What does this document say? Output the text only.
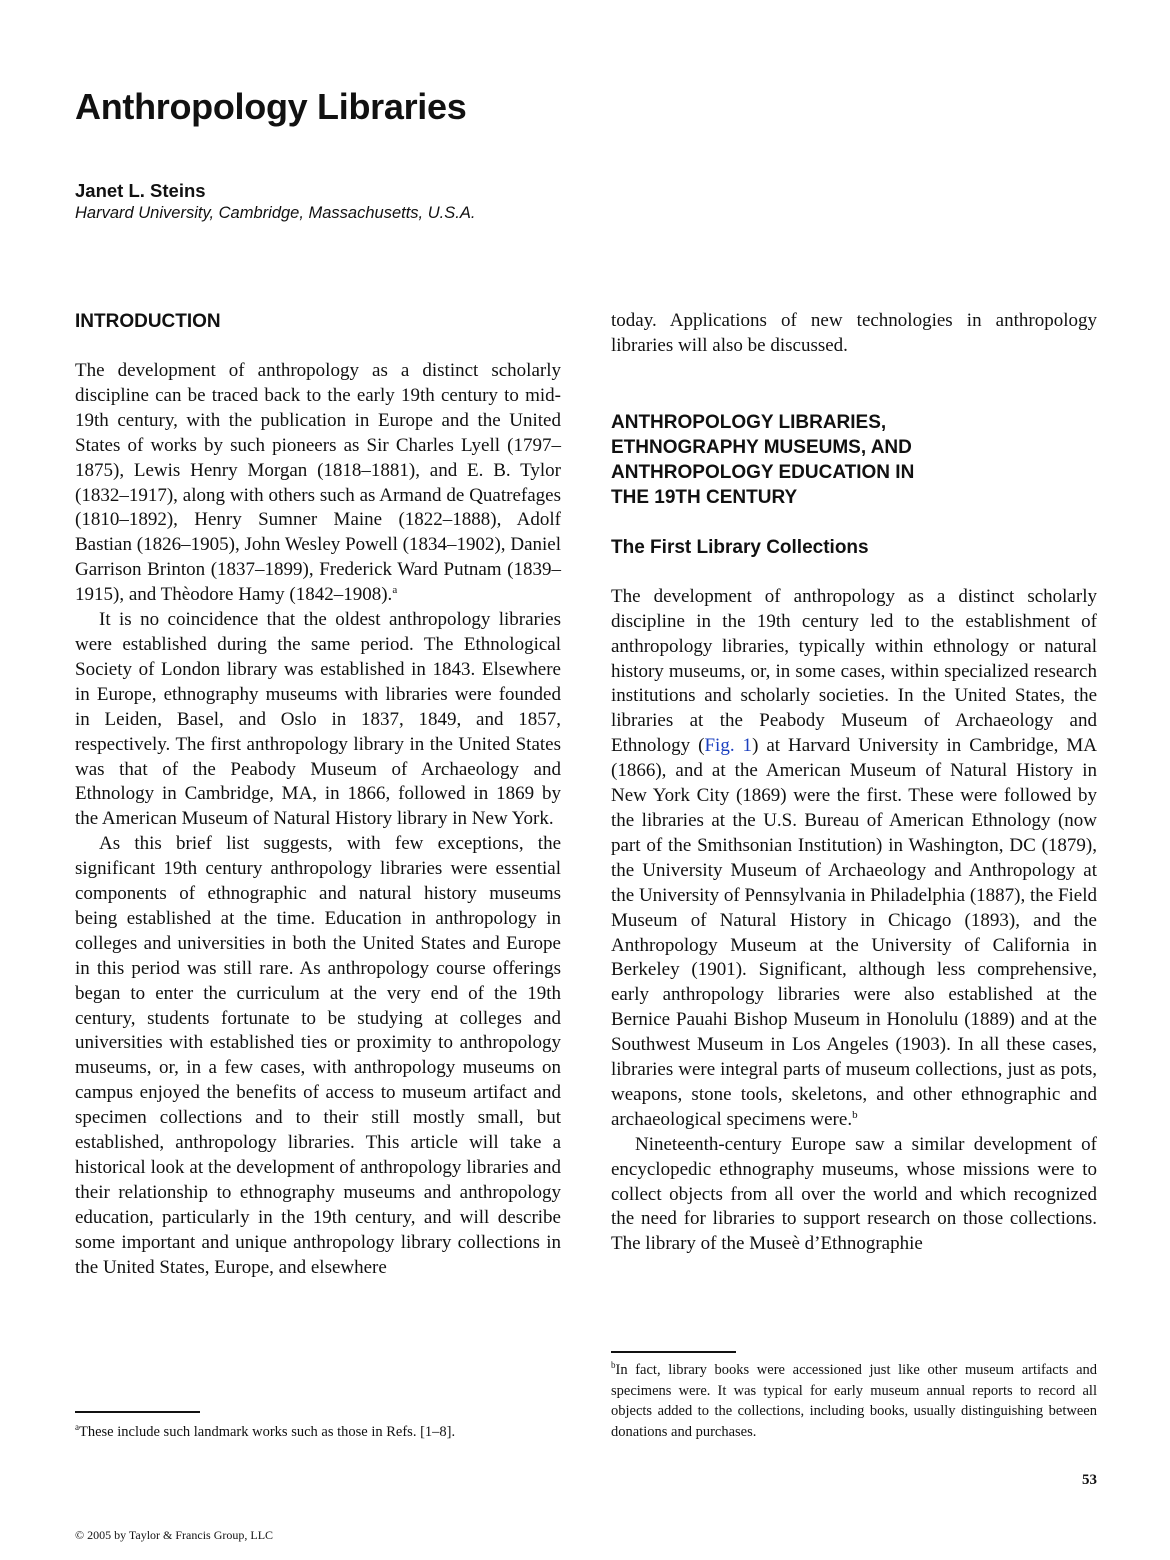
Anthropology Libraries
Janet L. Steins
Harvard University, Cambridge, Massachusetts, U.S.A.
INTRODUCTION

The development of anthropology as a distinct scholarly discipline can be traced back to the early 19th century to mid-19th century, with the publication in Europe and the United States of works by such pioneers as Sir Charles Lyell (1797–1875), Lewis Henry Morgan (1818–1881), and E. B. Tylor (1832–1917), along with others such as Armand de Quatrefages (1810–1892), Henry Sumner Maine (1822–1888), Adolf Bastian (1826–1905), John Wesley Powell (1834–1902), Daniel Garrison Brinton (1837–1899), Frederick Ward Putnam (1839–1915), and Thèodore Hamy (1842–1908).$^a$

It is no coincidence that the oldest anthropology libraries were established during the same period. The Ethnological Society of London library was established in 1843. Elsewhere in Europe, ethnography museums with libraries were founded in Leiden, Basel, and Oslo in 1837, 1849, and 1857, respectively. The first anthropology library in the United States was that of the Peabody Museum of Archaeology and Ethnology in Cambridge, MA, in 1866, followed in 1869 by the American Museum of Natural History library in New York.

As this brief list suggests, with few exceptions, the significant 19th century anthropology libraries were essential components of ethnographic and natural history museums being established at the time. Education in anthropology in colleges and universities in both the United States and Europe in this period was still rare. As anthropology course offerings began to enter the curriculum at the very end of the 19th century, students fortunate to be studying at colleges and universities with established ties or proximity to anthropology museums, or, in a few cases, with anthropology museums on campus enjoyed the benefits of access to museum artifact and specimen collections and to their still mostly small, but established, anthropology libraries. This article will take a historical look at the development of anthropology libraries and their relationship to ethnography museums and anthropology education, particularly in the 19th century, and will describe some important and unique anthropology library collections in the United States, Europe, and elsewhere

$^a$These include such landmark works such as those in Refs. [1–8].

today. Applications of new technologies in anthropology libraries will also be discussed.

ANTHROPOLOGY LIBRARIES,
ETHNOGRAPHY MUSEUMS, AND
ANTHROPOLOGY EDUCATION IN
THE 19TH CENTURY
The First Library Collections

The development of anthropology as a distinct scholarly discipline in the 19th century led to the establishment of anthropology libraries, typically within ethnology or natural history museums, or, in some cases, within specialized research institutions and scholarly societies. In the United States, the libraries at the Peabody Museum of Archaeology and Ethnology (Fig. 1) at Harvard University in Cambridge, MA (1866), and at the American Museum of Natural History in New York City (1869) were the first. These were followed by the libraries at the U.S. Bureau of American Ethnology (now part of the Smithsonian Institution) in Washington, DC (1879), the University Museum of Archaeology and Anthropology at the University of Pennsylvania in Philadelphia (1887), the Field Museum of Natural History in Chicago (1893), and the Anthropology Museum at the University of California in Berkeley (1901). Significant, although less comprehensive, early anthropology libraries were also established at the Bernice Pauahi Bishop Museum in Honolulu (1889) and at the Southwest Museum in Los Angeles (1903). In all these cases, libraries were integral parts of museum collections, just as pots, weapons, stone tools, skeletons, and other ethnographic and archaeological specimens were.$^b$

Nineteenth-century Europe saw a similar development of encyclopedic ethnography museums, whose missions were to collect objects from all over the world and which recognized the need for libraries to support research on those collections. The library of the Museè d’Ethnographie

$^b$In fact, library books were accessioned just like other museum artifacts and specimens were. It was typical for early museum annual reports to record all objects added to the collections, including books, usually distinguishing between donations and purchases.
53
© 2005 by Taylor & Francis Group, LLC
